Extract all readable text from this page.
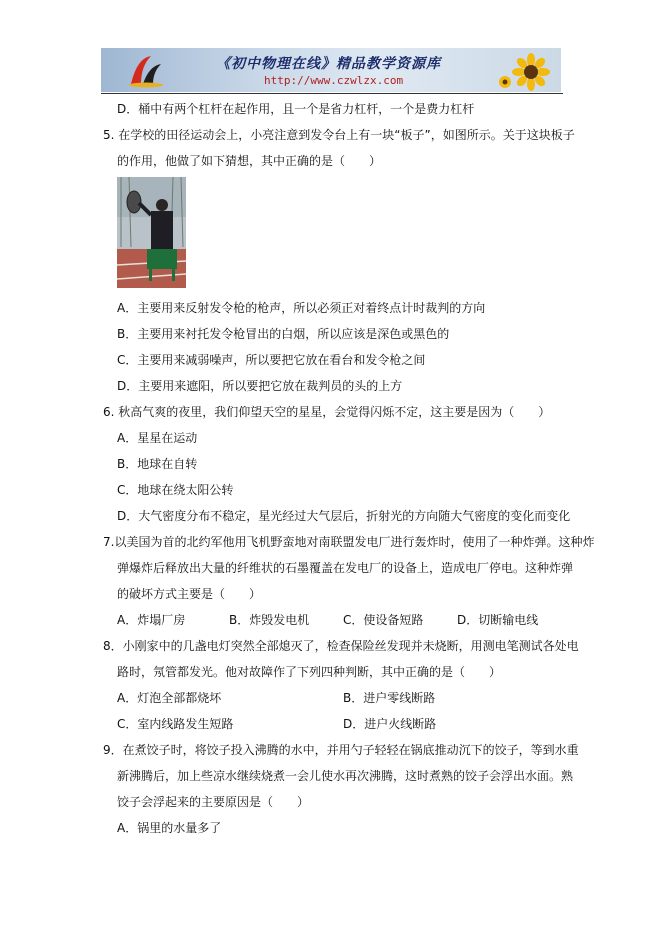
《初中物理在线》精品教学资源库
http://www.czwlzx.com
D．桶中有两个杠杆在起作用，且一个是省力杠杆，一个是费力杠杆
5. 在学校的田径运动会上，小亮注意到发令台上有一块“板子”，如图所示。关于这块板子
的作用，他做了如下猜想，其中正确的是（　　）
A．主要用来反射发令枪的枪声，所以必须正对着终点计时裁判的方向
B．主要用来衬托发令枪冒出的白烟，所以应该是深色或黑色的
C．主要用来减弱噪声，所以要把它放在看台和发令枪之间
D．主要用来遮阳，所以要把它放在裁判员的头的上方
6. 秋高气爽的夜里，我们仰望天空的星星，会觉得闪烁不定，这主要是因为（　　）
A．星星在运动
B．地球在自转
C．地球在绕太阳公转
D．大气密度分布不稳定，星光经过大气层后，折射光的方向随大气密度的变化而变化
7.以美国为首的北约军他用飞机野蛮地对南联盟发电厂进行轰炸时，使用了一种炸弹。这种炸
弹爆炸后释放出大量的纤维状的石墨覆盖在发电厂的设备上，造成电厂停电。这种炸弹
的破坏方式主要是（　　）
A．炸塌厂房	B．炸毁发电机	C．使设备短路	D．切断输电线
8．小刚家中的几盏电灯突然全部熄灭了，检查保险丝发现并未烧断，用测电笔测试各处电
路时，氖管都发光。他对故障作了下列四种判断，其中正确的是（　　）
A．灯泡全部都烧坏	B．进户零线断路
C．室内线路发生短路	D．进户火线断路
9．在煮饺子时，将饺子投入沸腾的水中，并用勺子轻轻在锅底推动沉下的饺子，等到水重
新沸腾后，加上些凉水继续烧煮一会儿使水再次沸腾，这时煮熟的饺子会浮出水面。熟
饺子会浮起来的主要原因是（　　）
A．锅里的水量多了
